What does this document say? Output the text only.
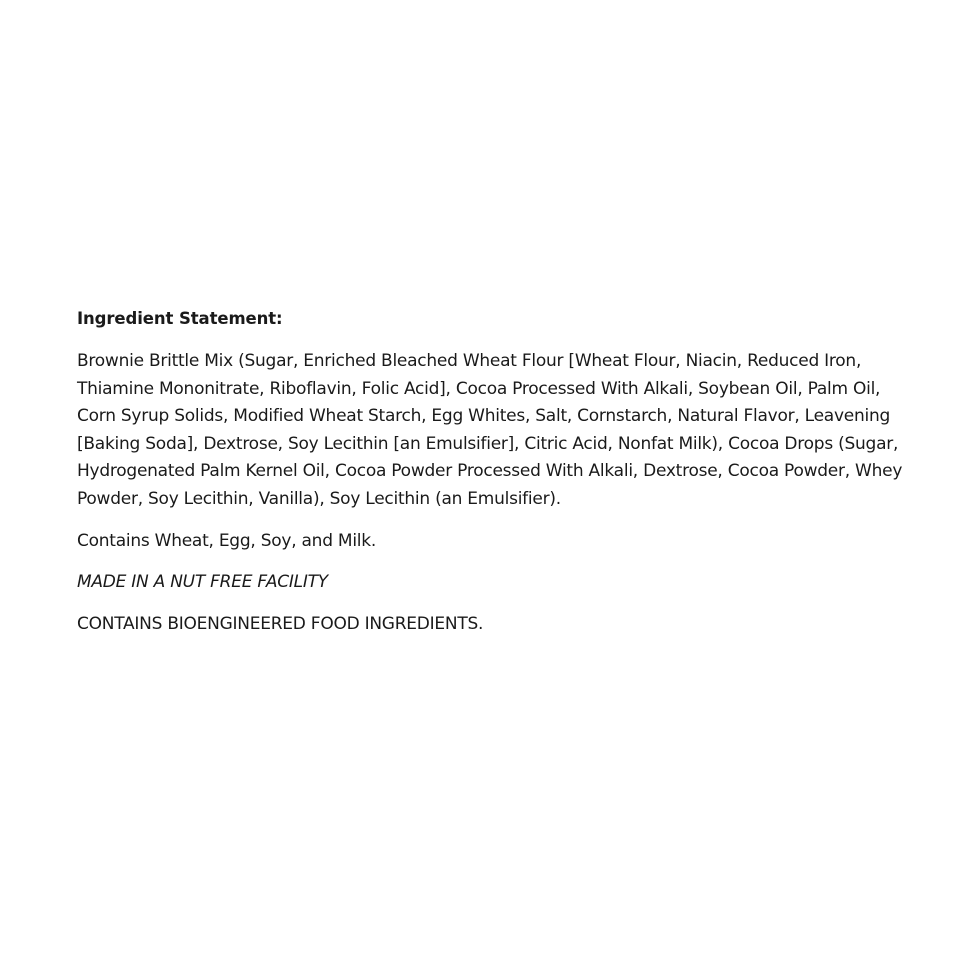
Ingredient Statement:
Brownie Brittle Mix (Sugar, Enriched Bleached Wheat Flour [Wheat Flour, Niacin, Reduced Iron, Thiamine Mononitrate, Riboflavin, Folic Acid], Cocoa Processed With Alkali, Soybean Oil, Palm Oil, Corn Syrup Solids, Modified Wheat Starch, Egg Whites, Salt, Cornstarch, Natural Flavor, Leavening [Baking Soda], Dextrose, Soy Lecithin [an Emulsifier], Citric Acid, Nonfat Milk), Cocoa Drops (Sugar, Hydrogenated Palm Kernel Oil, Cocoa Powder Processed With Alkali, Dextrose, Cocoa Powder, Whey Powder, Soy Lecithin, Vanilla), Soy Lecithin (an Emulsifier).
Contains Wheat, Egg, Soy, and Milk.
MADE IN A NUT FREE FACILITY
CONTAINS BIOENGINEERED FOOD INGREDIENTS.
